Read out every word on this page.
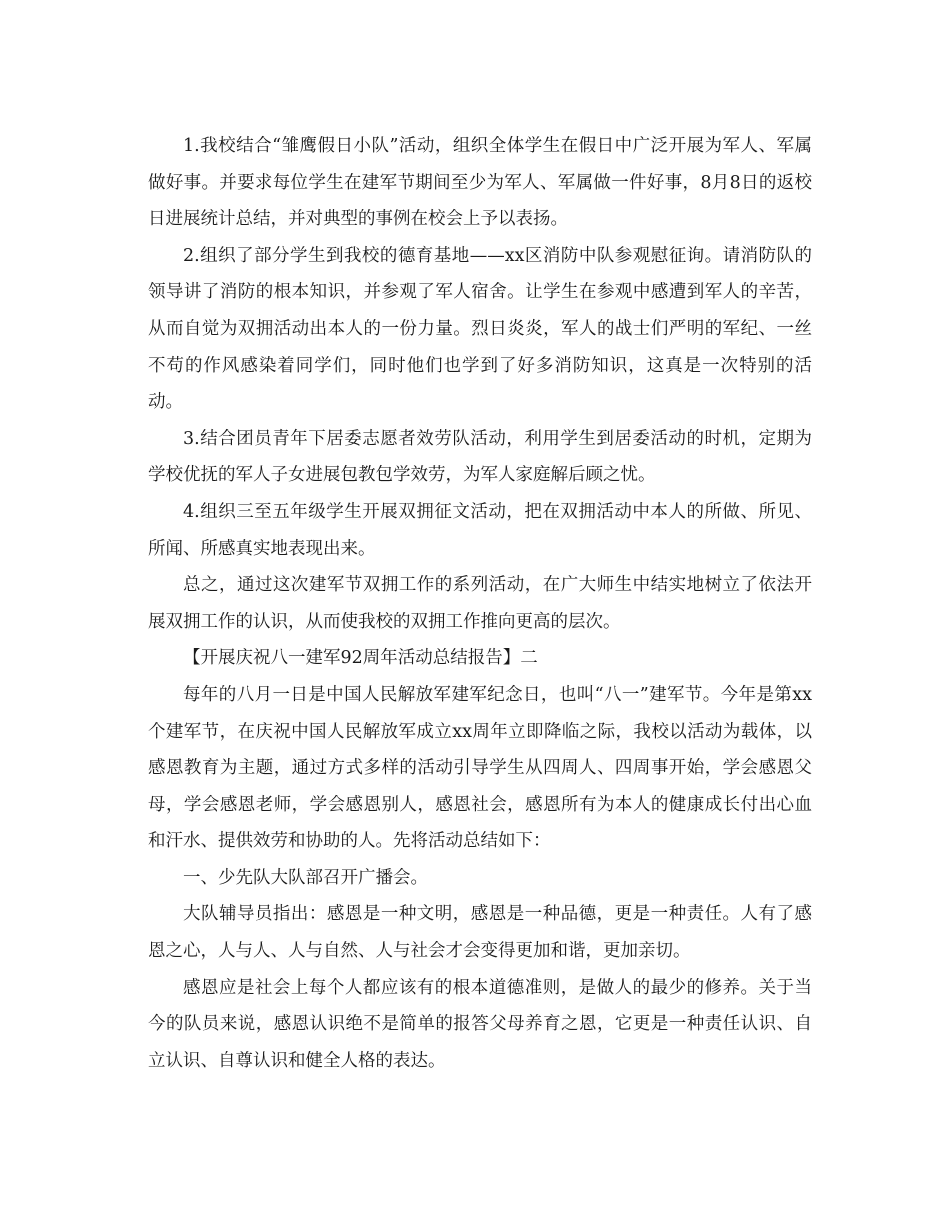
1.我校结合“雏鹰假日小队”活动，组织全体学生在假日中广泛开展为军人、军属做好事。并要求每位学生在建军节期间至少为军人、军属做一件好事，8月8日的返校日进展统计总结，并对典型的事例在校会上予以表扬。

2.组织了部分学生到我校的德育基地——xx区消防中队参观慰征询。请消防队的领导讲了消防的根本知识，并参观了军人宿舍。让学生在参观中感遭到军人的辛苦，从而自觉为双拥活动出本人的一份力量。烈日炎炎，军人的战士们严明的军纪、一丝不苟的作风感染着同学们，同时他们也学到了好多消防知识，这真是一次特别的活动。

3.结合团员青年下居委志愿者效劳队活动，利用学生到居委活动的时机，定期为学校优抚的军人子女进展包教包学效劳，为军人家庭解后顾之忧。

4.组织三至五年级学生开展双拥征文活动，把在双拥活动中本人的所做、所见、所闻、所感真实地表现出来。

总之，通过这次建军节双拥工作的系列活动，在广大师生中结实地树立了依法开展双拥工作的认识，从而使我校的双拥工作推向更高的层次。

【开展庆祝八一建军92周年活动总结报告】二

每年的八月一日是中国人民解放军建军纪念日，也叫“八一”建军节。今年是第xx个建军节，在庆祝中国人民解放军成立xx周年立即降临之际，我校以活动为载体，以感恩教育为主题，通过方式多样的活动引导学生从四周人、四周事开始，学会感恩父母，学会感恩老师，学会感恩别人，感恩社会，感恩所有为本人的健康成长付出心血和汗水、提供效劳和协助的人。先将活动总结如下：

一、少先队大队部召开广播会。

大队辅导员指出：感恩是一种文明，感恩是一种品德，更是一种责任。人有了感恩之心，人与人、人与自然、人与社会才会变得更加和谐，更加亲切。

感恩应是社会上每个人都应该有的根本道德准则，是做人的最少的修养。关于当今的队员来说，感恩认识绝不是简单的报答父母养育之恩，它更是一种责任认识、自立认识、自尊认识和健全人格的表达。
